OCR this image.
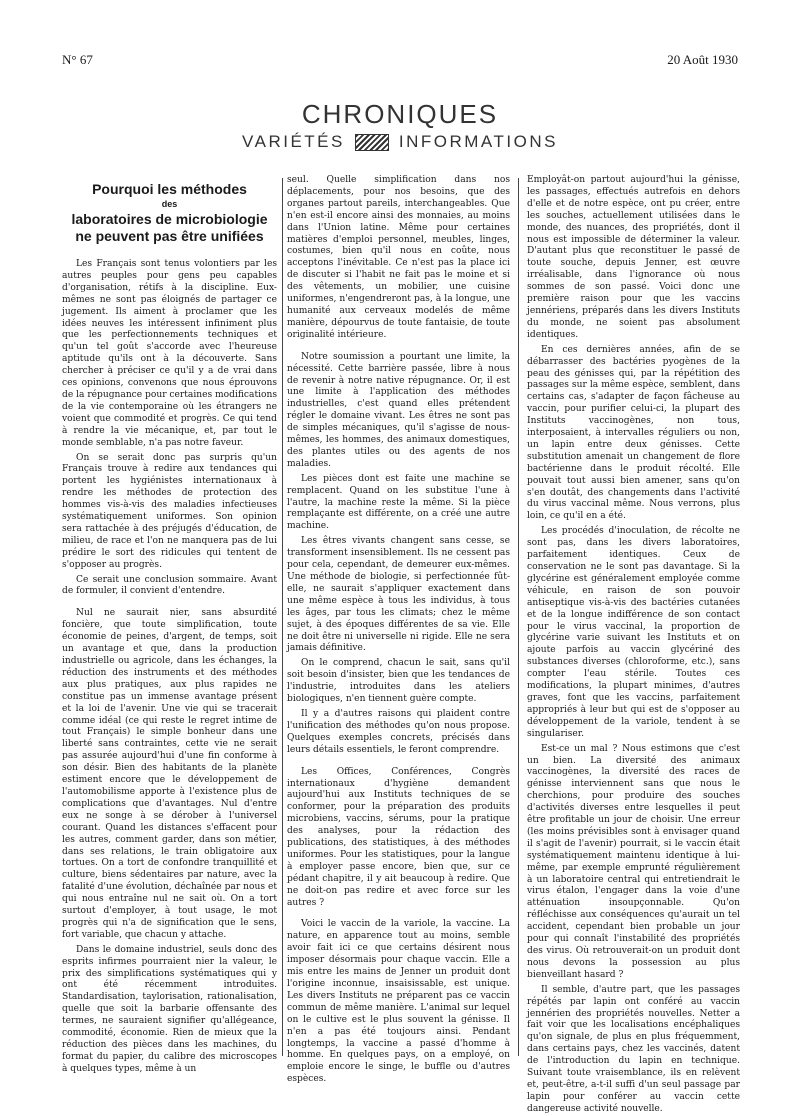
N° 67	20 Août 1930
CHRONIQUES
VARIÉTÉS	INFORMATIONS
Pourquoi les méthodes
des
laboratoires de microbiologie
ne peuvent pas être unifiées

Les Français sont tenus volontiers par les autres peuples pour gens peu capables d'organisation, rétifs à la discipline. Eux-mêmes ne sont pas éloignés de partager ce jugement. Ils aiment à proclamer que les idées neuves les intéressent infiniment plus que les perfectionnements techniques et qu'un tel goût s'accorde avec l'heureuse aptitude qu'ils ont à la découverte. Sans chercher à préciser ce qu'il y a de vrai dans ces opinions, convenons que nous éprouvons de la répugnance pour certaines modifications de la vie contemporaine où les étrangers ne voient que commodité et progrès. Ce qui tend à rendre la vie mécanique, et, par tout le monde semblable, n'a pas notre faveur.

On se serait donc pas surpris qu'un Français trouve à redire aux tendances qui portent les hygiénistes internationaux à rendre les méthodes de protection des hommes vis-à-vis des maladies infectieuses systématiquement uniformes. Son opinion sera rattachée à des préjugés d'éducation, de milieu, de race et l'on ne manquera pas de lui prédire le sort des ridicules qui tentent de s'opposer au progrès.

Ce serait une conclusion sommaire. Avant de formuler, il convient d'entendre.

Nul ne saurait nier, sans absurdité foncière, que toute simplification, toute économie de peines, d'argent, de temps, soit un avantage et que, dans la production industrielle ou agricole, dans les échanges, la réduction des instruments et des méthodes aux plus pratiques, aux plus rapides ne constitue pas un immense avantage présent et la loi de l'avenir. Une vie qui se tracerait comme idéal (ce qui reste le regret intime de tout Français) le simple bonheur dans une liberté sans contraintes, cette vie ne serait pas assurée aujourd'hui d'une fin conforme à son désir. Bien des habitants de la planète estiment encore que le développement de l'automobilisme apporte à l'existence plus de complications que d'avantages. Nul d'entre eux ne songe à se dérober à l'universel courant. Quand les distances s'effacent pour les autres, comment garder, dans son métier, dans ses relations, le train obligatoire aux tortues. On a tort de confondre tranquillité et culture, biens sédentaires par nature, avec la fatalité d'une évolution, déchaînée par nous et qui nous entraîne nul ne sait où. On a tort surtout d'employer, à tout usage, le mot progrès qui n'a de signification que le sens, fort variable, que chacun y attache.

Dans le domaine industriel, seuls donc des esprits infirmes pourraient nier la valeur, le prix des simplifications systématiques qui y ont été récemment introduites. Standardisation, taylorisation, rationalisation, quelle que soit la barbarie offensante des termes, ne sauraient signifier qu'allégeance, commodité, économie. Rien de mieux que la réduction des pièces dans les machines, du format du papier, du calibre des microscopes à quelques types, même à un

seul. Quelle simplification dans nos déplacements, pour nos besoins, que des organes partout pareils, interchangeables. Que n'en est-il encore ainsi des monnaies, au moins dans l'Union latine. Même pour certaines matières d'emploi personnel, meubles, linges, costumes, bien qu'il nous en coûte, nous acceptons l'inévitable. Ce n'est pas la place ici de discuter si l'habit ne fait pas le moine et si des vêtements, un mobilier, une cuisine uniformes, n'engendreront pas, à la longue, une humanité aux cerveaux modelés de même manière, dépourvus de toute fantaisie, de toute originalité intérieure.

Notre soumission a pourtant une limite, la nécessité. Cette barrière passée, libre à nous de revenir à notre native répugnance. Or, il est une limite à l'application des méthodes industrielles, c'est quand elles prétendent régler le domaine vivant. Les êtres ne sont pas de simples mécaniques, qu'il s'agisse de nous-mêmes, les hommes, des animaux domestiques, des plantes utiles ou des agents de nos maladies.

Les pièces dont est faite une machine se remplacent. Quand on les substitue l'une à l'autre, la machine reste la même. Si la pièce remplaçante est différente, on a créé une autre machine.

Les êtres vivants changent sans cesse, se transforment insensiblement. Ils ne cessent pas pour cela, cependant, de demeurer eux-mêmes. Une méthode de biologie, si perfectionnée fût-elle, ne saurait s'appliquer exactement dans une même espèce à tous les individus, à tous les âges, par tous les climats; chez le même sujet, à des époques différentes de sa vie. Elle ne doit être ni universelle ni rigide. Elle ne sera jamais définitive.

On le comprend, chacun le sait, sans qu'il soit besoin d'insister, bien que les tendances de l'industrie, introduites dans les ateliers biologiques, n'en tiennent guère compte.

Il y a d'autres raisons qui plaident contre l'unification des méthodes qu'on nous propose. Quelques exemples concrets, précisés dans leurs détails essentiels, le feront comprendre.

Les Offices, Conférences, Congrès internationaux d'hygiène demandent aujourd'hui aux Instituts techniques de se conformer, pour la préparation des produits microbiens, vaccins, sérums, pour la pratique des analyses, pour la rédaction des publications, des statistiques, à des méthodes uniformes. Pour les statistiques, pour la langue à employer passe encore, bien que, sur ce pédant chapitre, il y ait beaucoup à redire. Que ne doit-on pas redire et avec force sur les autres ?

Voici le vaccin de la variole, la vaccine. La nature, en apparence tout au moins, semble avoir fait ici ce que certains désirent nous imposer désormais pour chaque vaccin. Elle a mis entre les mains de Jenner un produit dont l'origine inconnue, insaisissable, est unique. Les divers Instituts ne préparent pas ce vaccin commun de même manière. L'animal sur lequel on le cultive est le plus souvent la génisse. Il n'en a pas été toujours ainsi. Pendant longtemps, la vaccine a passé d'homme à homme. En quelques pays, on a employé, on emploie encore le singe, le buffle ou d'autres espèces.

Employât-on partout aujourd'hui la génisse, les passages, effectués autrefois en dehors d'elle et de notre espèce, ont pu créer, entre les souches, actuellement utilisées dans le monde, des nuances, des propriétés, dont il nous est impossible de déterminer la valeur. D'autant plus que reconstituer le passé de toute souche, depuis Jenner, est œuvre irréalisable, dans l'ignorance où nous sommes de son passé. Voici donc une première raison pour que les vaccins jennériens, préparés dans les divers Instituts du monde, ne soient pas absolument identiques.

En ces dernières années, afin de se débarrasser des bactéries pyogènes de la peau des génisses qui, par la répétition des passages sur la même espèce, semblent, dans certains cas, s'adapter de façon fâcheuse au vaccin, pour purifier celui-ci, la plupart des Instituts vaccinogènes, non tous, interposaient, à intervalles réguliers ou non, un lapin entre deux génisses. Cette substitution amenait un changement de flore bactérienne dans le produit récolté. Elle pouvait tout aussi bien amener, sans qu'on s'en doutât, des changements dans l'activité du virus vaccinal même. Nous verrons, plus loin, ce qu'il en a été.

Les procédés d'inoculation, de récolte ne sont pas, dans les divers laboratoires, parfaitement identiques. Ceux de conservation ne le sont pas davantage. Si la glycérine est généralement employée comme véhicule, en raison de son pouvoir antiseptique vis-à-vis des bactéries cutanées et de la longue indifférence de son contact pour le virus vaccinal, la proportion de glycérine varie suivant les Instituts et on ajoute parfois au vaccin glycériné des substances diverses (chloroforme, etc.), sans compter l'eau stérile. Toutes ces modifications, la plupart minimes, d'autres graves, font que les vaccins, parfaitement appropriés à leur but qui est de s'opposer au développement de la variole, tendent à se singulariser.

Est-ce un mal ? Nous estimons que c'est un bien. La diversité des animaux vaccinogènes, la diversité des races de génisse interviennent sans que nous le cherchions, pour produire des souches d'activités diverses entre lesquelles il peut être profitable un jour de choisir. Une erreur (les moins prévisibles sont à envisager quand il s'agit de l'avenir) pourrait, si le vaccin était systématiquement maintenu identique à lui-même, par exemple emprunté régulièrement à un laboratoire central qui entretiendrait le virus étalon, l'engager dans la voie d'une atténuation insoupçonnable. Qu'on réfléchisse aux conséquences qu'aurait un tel accident, cependant bien probable un jour pour qui connaît l'instabilité des propriétés des virus. Où retrouverait-on un produit dont nous devons la possession au plus bienveillant hasard ?

Il semble, d'autre part, que les passages répétés par lapin ont conféré au vaccin jennérien des propriétés nouvelles. Netter a fait voir que les localisations encéphaliques qu'on signale, de plus en plus fréquemment, dans certains pays, chez les vaccinés, datent de l'introduction du lapin en technique. Suivant toute vraisemblance, ils en relèvent et, peut-être, a-t-il suffi d'un seul passage par lapin pour conférer au vaccin cette dangereuse activité nouvelle.
